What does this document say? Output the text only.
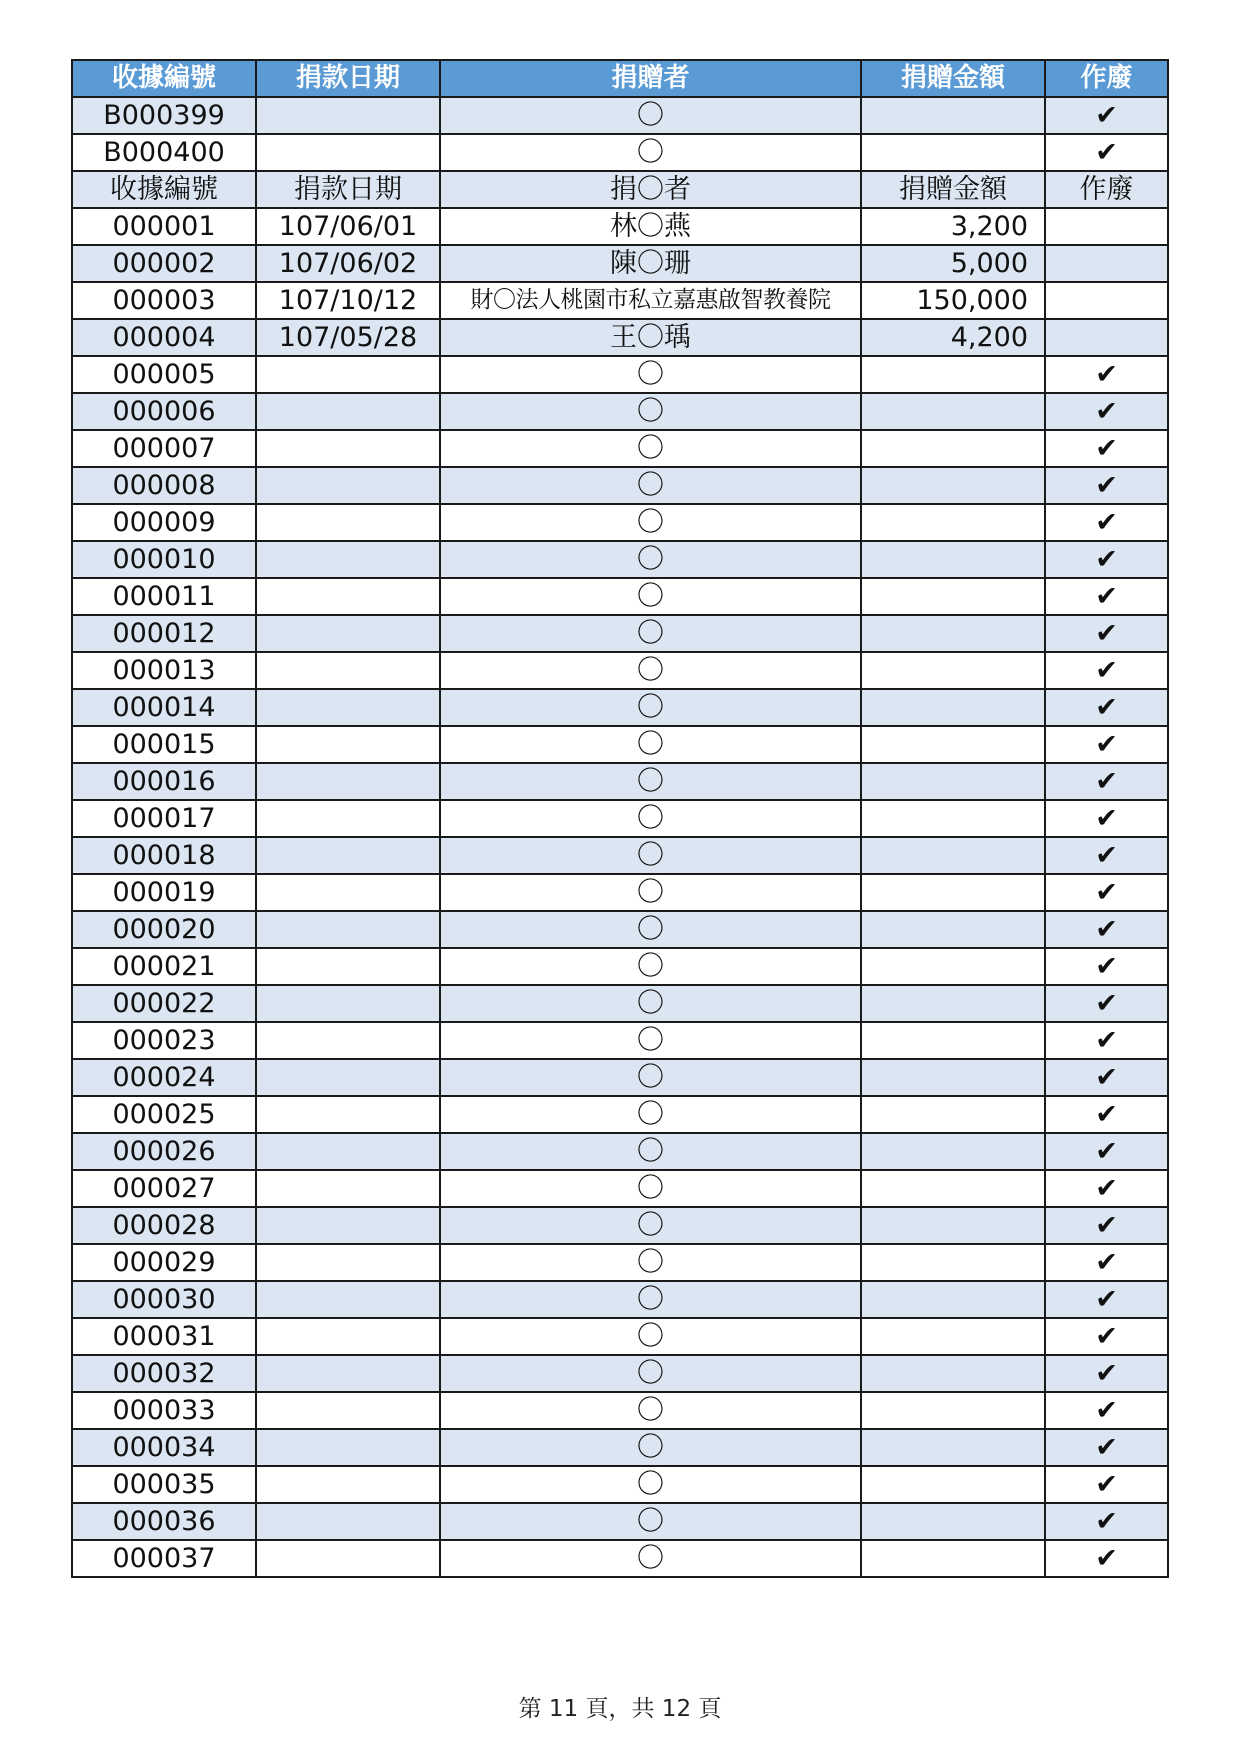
收據編號	捐款日期	捐贈者	捐贈金額	作廢
B000399		〇		✔
B000400		〇		✔
收據編號	捐款日期	捐〇者	捐贈金額	作廢
000001	107/06/01	林〇燕	3,200	
000002	107/06/02	陳〇珊	5,000	
000003	107/10/12	財〇法人桃園市私立嘉惠啟智教養院	150,000	
000004	107/05/28	王〇瑀	4,200	
000005		〇		✔
000006		〇		✔
000007		〇		✔
000008		〇		✔
000009		〇		✔
000010		〇		✔
000011		〇		✔
000012		〇		✔
000013		〇		✔
000014		〇		✔
000015		〇		✔
000016		〇		✔
000017		〇		✔
000018		〇		✔
000019		〇		✔
000020		〇		✔
000021		〇		✔
000022		〇		✔
000023		〇		✔
000024		〇		✔
000025		〇		✔
000026		〇		✔
000027		〇		✔
000028		〇		✔
000029		〇		✔
000030		〇		✔
000031		〇		✔
000032		〇		✔
000033		〇		✔
000034		〇		✔
000035		〇		✔
000036		〇		✔
000037		〇		✔
第 11 頁，共 12 頁
